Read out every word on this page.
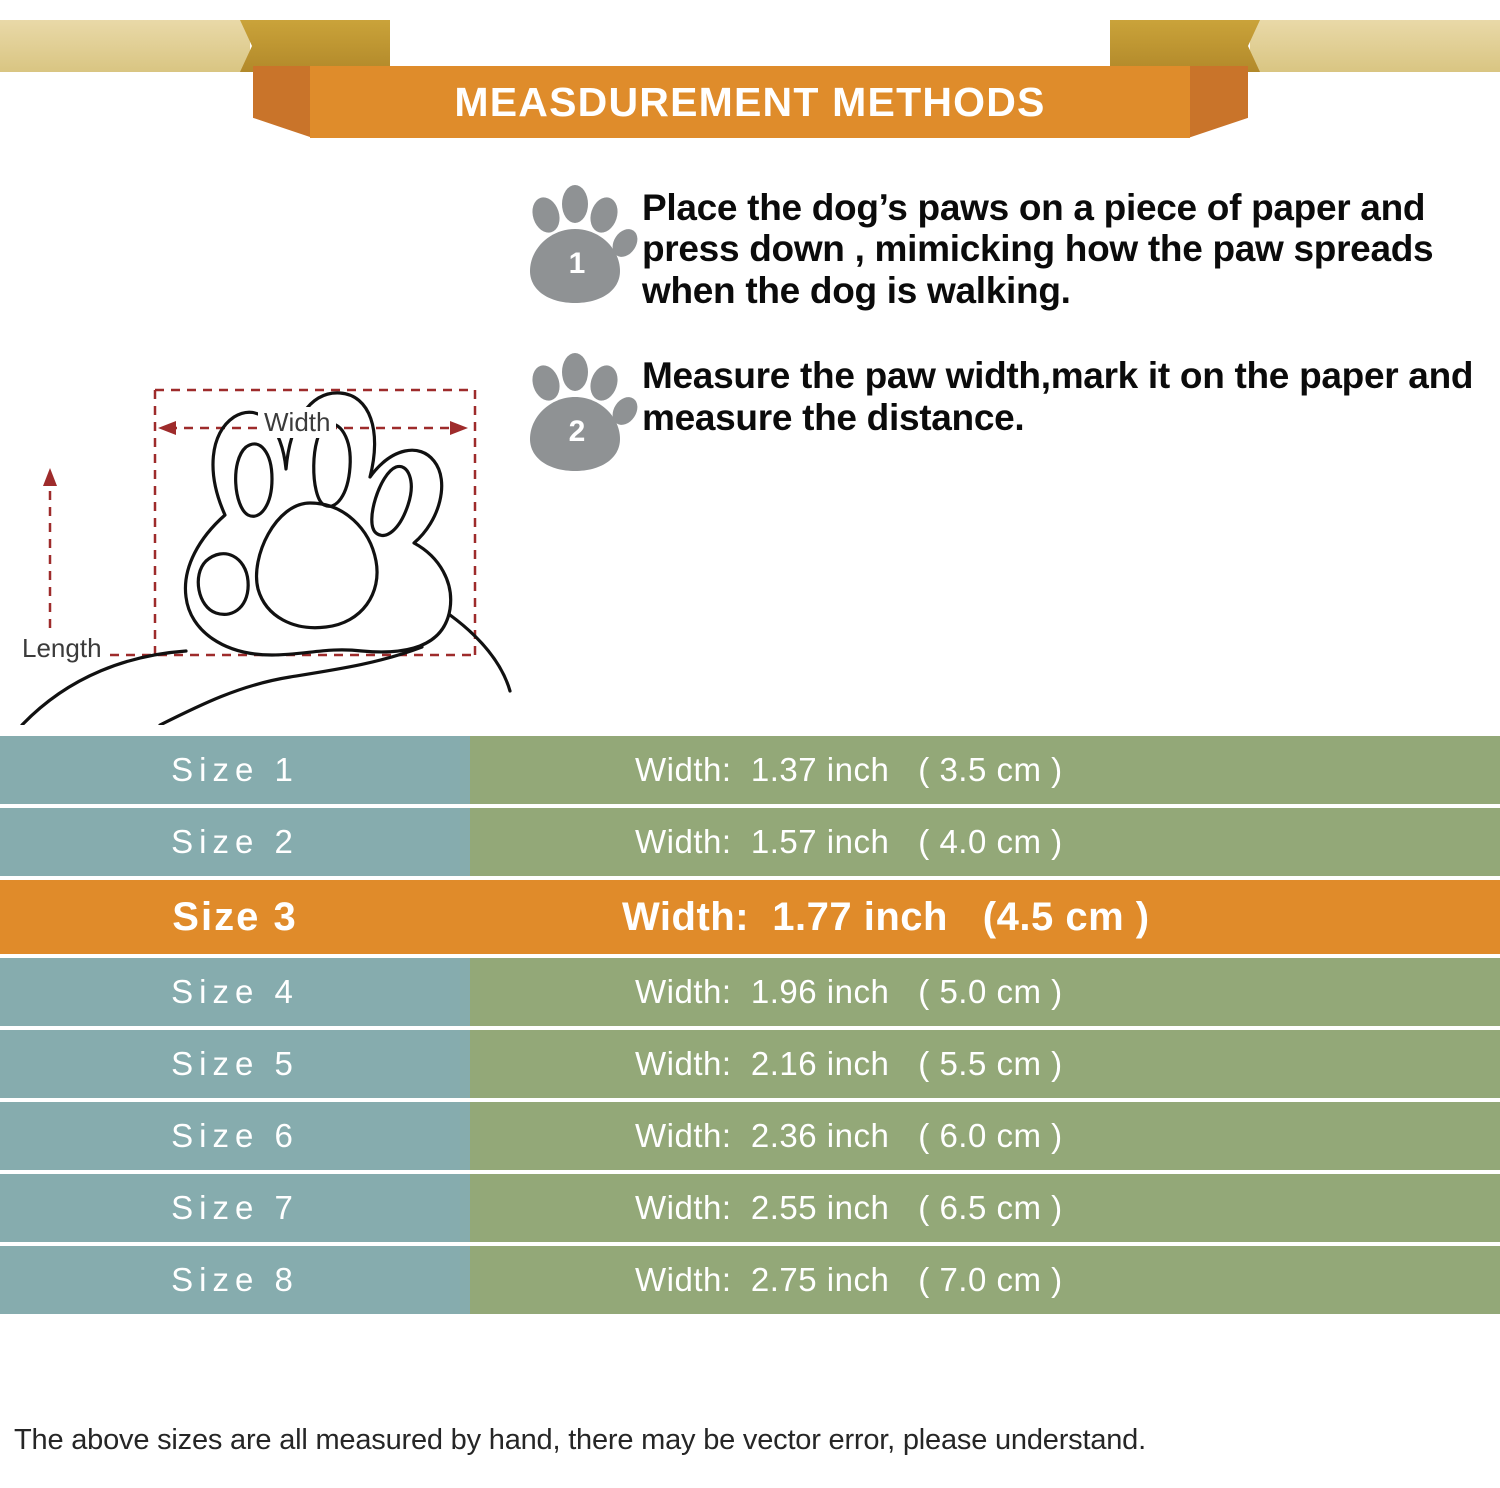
MEASDUREMENT METHODS
Width
Length
1
Place the dog’s paws on a piece of paper and press down , mimicking how the paw spreads when the dog is walking.
2
Measure the paw width,mark it on the paper and measure the distance.
Size 1	Width:  1.37 inch   ( 3.5 cm )
Size 2	Width:  1.57 inch   ( 4.0 cm )
Size 3	Width:  1.77 inch   (4.5 cm )
Size 4	Width:  1.96 inch   ( 5.0 cm )
Size 5	Width:  2.16 inch   ( 5.5 cm )
Size 6	Width:  2.36 inch   ( 6.0 cm )
Size 7	Width:  2.55 inch   ( 6.5 cm )
Size 8	Width:  2.75 inch   ( 7.0 cm )
The above sizes are all measured by hand, there may be vector error, please understand.
